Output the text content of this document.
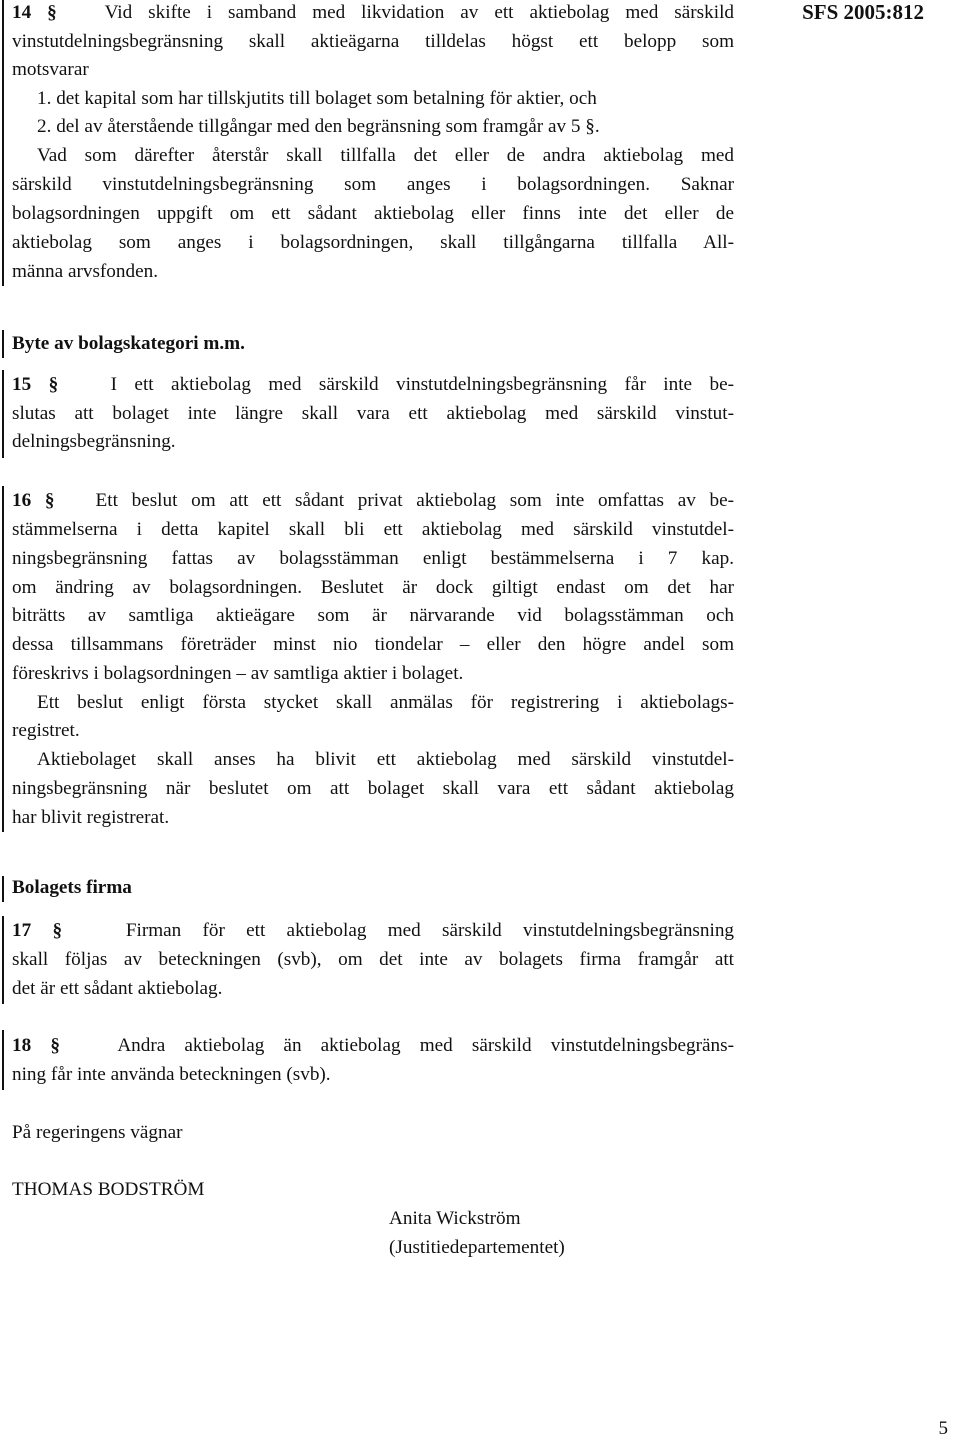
SFS 2005:812
14 § Vid skifte i samband med likvidation av ett aktiebolag med särskild
vinstutdelningsbegränsning skall aktieägarna tilldelas högst ett belopp som
motsvarar
1. det kapital som har tillskjutits till bolaget som betalning för aktier, och
2. del av återstående tillgångar med den begränsning som framgår av 5 §.
Vad som därefter återstår skall tillfalla det eller de andra aktiebolag med
särskild vinstutdelningsbegränsning som anges i bolagsordningen. Saknar
bolagsordningen uppgift om ett sådant aktiebolag eller finns inte det eller de
aktiebolag som anges i bolagsordningen, skall tillgångarna tillfalla All-
männa arvsfonden.
Byte av bolagskategori m.m.
15 §	I ett aktiebolag med särskild vinstutdelningsbegränsning får inte be-
slutas att bolaget inte längre skall vara ett aktiebolag med särskild vinstut-
delningsbegränsning.
16 § Ett beslut om att ett sådant privat aktiebolag som inte omfattas av be-
stämmelserna i detta kapitel skall bli ett aktiebolag med särskild vinstutdel-
ningsbegränsning fattas av bolagsstämman enligt bestämmelserna i 7 kap.
om ändring av bolagsordningen. Beslutet är dock giltigt endast om det har
biträtts av samtliga aktieägare som är närvarande vid bolagsstämman och
dessa tillsammans företräder minst nio tiondelar – eller den högre andel som
föreskrivs i bolagsordningen – av samtliga aktier i bolaget.
Ett beslut enligt första stycket skall anmälas för registrering i aktiebolags-
registret.
Aktiebolaget skall anses ha blivit ett aktiebolag med särskild vinstutdel-
ningsbegränsning när beslutet om att bolaget skall vara ett sådant aktiebolag
har blivit registrerat.
Bolagets firma
17 §	Firman för ett aktiebolag med särskild vinstutdelningsbegränsning
skall följas av beteckningen (svb), om det inte av bolagets firma framgår att
det är ett sådant aktiebolag.
18 §	Andra aktiebolag än aktiebolag med särskild vinstutdelningsbegräns-
ning får inte använda beteckningen (svb).
På regeringens vägnar
THOMAS BODSTRÖM
Anita Wickström
(Justitiedepartementet)
5
